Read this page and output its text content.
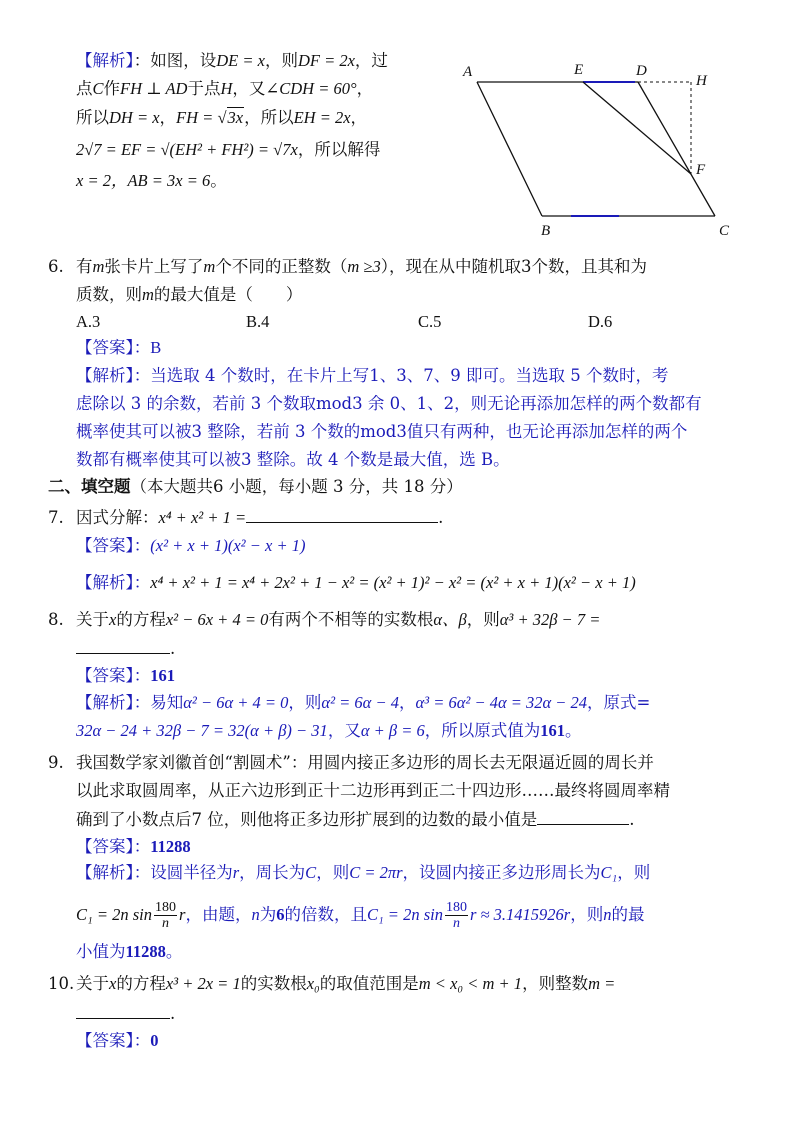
A	E	D
H
F
B	C
【解析】：如图，设DE = x，则DF = 2x，过
点C作FH ⊥ AD于点H，又∠CDH = 60°，
所以DH = x，FH = √3x，所以EH = 2x，
2√7 = EF = √(EH² + FH²) = √7x，所以解得
x = 2，AB = 3x = 6。
6. 有m张卡片上写了m个不同的正整数（m ≥3），现在从中随机取3个数，且其和为
质数，则m的最大值是（　　）
A.3	B.4	C.5	D.6
【答案】：B
【解析】：当选取 4 个数时，在卡片上写1、3、7、9 即可。当选取 5 个数时，考
虑除以 3 的余数，若前 3 个数取mod3 余 0、1、2，则无论再添加怎样的两个数都有
概率使其可以被3 整除，若前 3 个数的mod3值只有两种，也无论再添加怎样的两个
数都有概率使其可以被3 整除。故 4 个数是最大值，选 B。
二、填空题（本大题共6 小题，每小题 3 分，共 18 分）
7. 因式分解：x⁴ + x² + 1 =	.
【答案】：(x² + x + 1)(x² − x + 1)
【解析】：x⁴ + x² + 1 = x⁴ + 2x² + 1 − x² = (x² + 1)² − x² = (x² + x + 1)(x² − x + 1)
8. 关于x的方程x² − 6x + 4 = 0有两个不相等的实数根α、β，则α³ + 32β − 7 =
.
【答案】：161
【解析】：易知α² − 6α + 4 = 0，则α² = 6α − 4，α³ = 6α² − 4α = 32α − 24，原式=
32α − 24 + 32β − 7 = 32(α + β) − 31，又α + β = 6，所以原式值为161。
9. 我国数学家刘徽首创“割圆术”：用圆内接正多边形的周长去无限逼近圆的周长并
以此求取圆周率，从正六边形到正十二边形再到正二十四边形……最终将圆周率精
确到了小数点后7 位，则他将正多边形扩展到的边数的最小值是	.
【答案】：11288
【解析】：设圆半径为r，周长为C，则C = 2πr，设圆内接正多边形周长为C₁，则
C₁ = 2n $\sin \frac{180}{n}$ r，由题，n为6的倍数，且C₁ = 2n $\sin \frac{180}{n}$ r ≈ 3.1415926r，则n的最
小值为11288。
10. 关于x的方程x³ + 2x = 1的实数根x₀的取值范围是m < x₀ < m + 1，则整数m =
.
【答案】：0
